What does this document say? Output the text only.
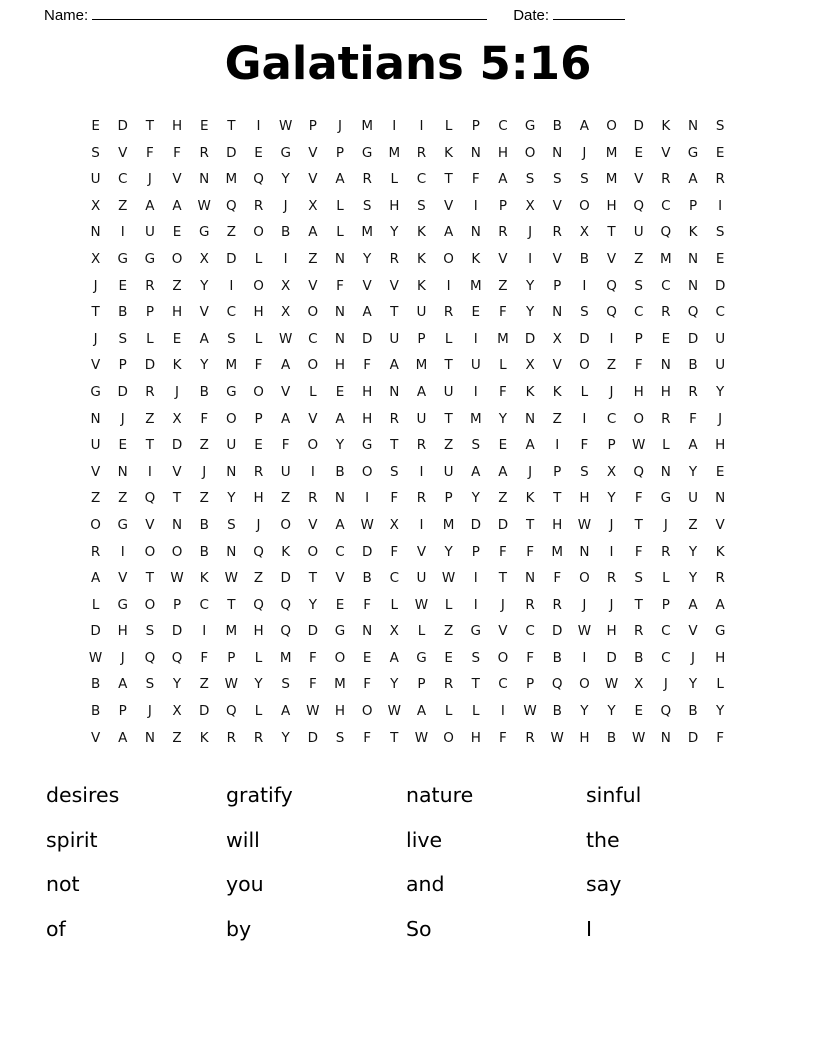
Name:	Date:
Galatians 5:16
E	D	T	H	E	T	I	W	P	J	M	I	I	L	P	C	G	B	A	O	D	K	N	S
S	V	F	F	R	D	E	G	V	P	G	M	R	K	N	H	O	N	J	M	E	V	G	E
U	C	J	V	N	M	Q	Y	V	A	R	L	C	T	F	A	S	S	S	M	V	R	A	R
X	Z	A	A	W	Q	R	J	X	L	S	H	S	V	I	P	X	V	O	H	Q	C	P	I
N	I	U	E	G	Z	O	B	A	L	M	Y	K	A	N	R	J	R	X	T	U	Q	K	S
X	G	G	O	X	D	L	I	Z	N	Y	R	K	O	K	V	I	V	B	V	Z	M	N	E
J	E	R	Z	Y	I	O	X	V	F	V	V	K	I	M	Z	Y	P	I	Q	S	C	N	D
T	B	P	H	V	C	H	X	O	N	A	T	U	R	E	F	Y	N	S	Q	C	R	Q	C
J	S	L	E	A	S	L	W	C	N	D	U	P	L	I	M	D	X	D	I	P	E	D	U
V	P	D	K	Y	M	F	A	O	H	F	A	M	T	U	L	X	V	O	Z	F	N	B	U
G	D	R	J	B	G	O	V	L	E	H	N	A	U	I	F	K	K	L	J	H	H	R	Y
N	J	Z	X	F	O	P	A	V	A	H	R	U	T	M	Y	N	Z	I	C	O	R	F	J
U	E	T	D	Z	U	E	F	O	Y	G	T	R	Z	S	E	A	I	F	P	W	L	A	H
V	N	I	V	J	N	R	U	I	B	O	S	I	U	A	A	J	P	S	X	Q	N	Y	E
Z	Z	Q	T	Z	Y	H	Z	R	N	I	F	R	P	Y	Z	K	T	H	Y	F	G	U	N
O	G	V	N	B	S	J	O	V	A	W	X	I	M	D	D	T	H	W	J	T	J	Z	V
R	I	O	O	B	N	Q	K	O	C	D	F	V	Y	P	F	F	M	N	I	F	R	Y	K
A	V	T	W	K	W	Z	D	T	V	B	C	U	W	I	T	N	F	O	R	S	L	Y	R
L	G	O	P	C	T	Q	Q	Y	E	F	L	W	L	I	J	R	R	J	J	T	P	A	A
D	H	S	D	I	M	H	Q	D	G	N	X	L	Z	G	V	C	D	W	H	R	C	V	G
W	J	Q	Q	F	P	L	M	F	O	E	A	G	E	S	O	F	B	I	D	B	C	J	H
B	A	S	Y	Z	W	Y	S	F	M	F	Y	P	R	T	C	P	Q	O	W	X	J	Y	L
B	P	J	X	D	Q	L	A	W	H	O	W	A	L	L	I	W	B	Y	Y	E	Q	B	Y
V	A	N	Z	K	R	R	Y	D	S	F	T	W	O	H	F	R	W	H	B	W	N	D	F
desires	gratify	nature	sinful
spirit	will	live	the
not	you	and	say
of	by	So	I
